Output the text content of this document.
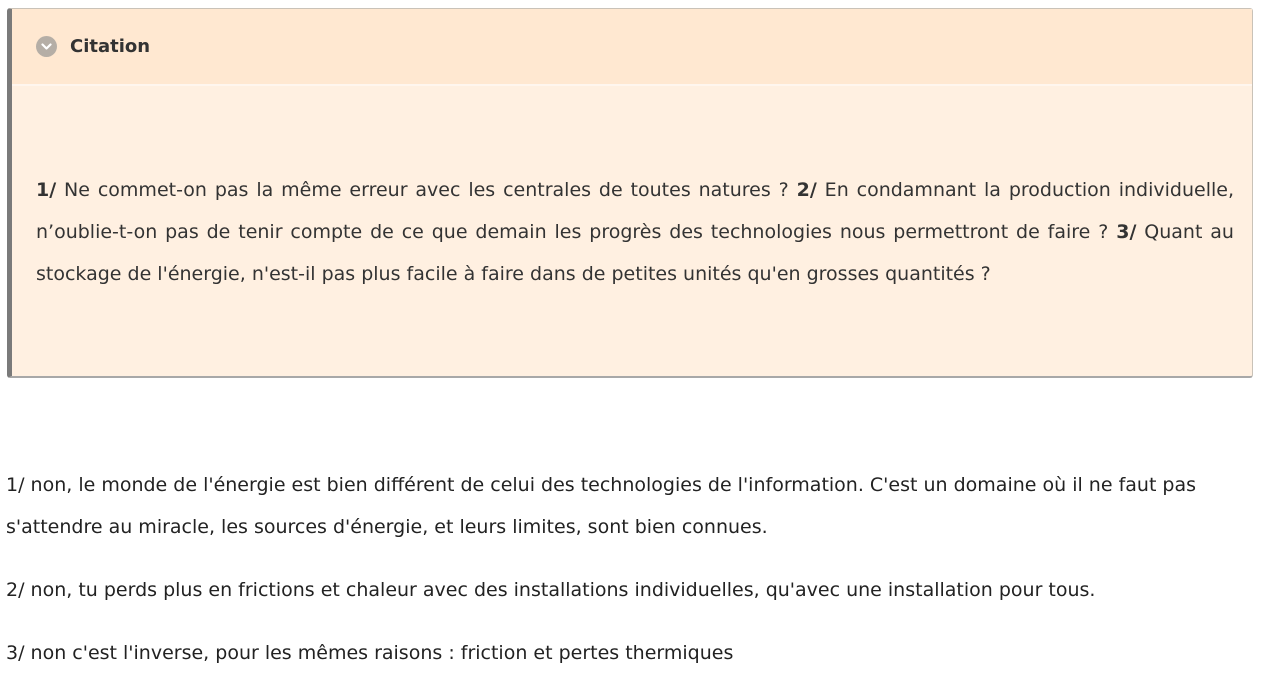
Citation
1/ Ne commet-on pas la même erreur avec les centrales de toutes natures ? 2/ En condamnant la production individuelle, n’oublie-t-on pas de tenir compte de ce que demain les progrès des technologies nous permettront de faire ? 3/ Quant au stockage de l'énergie, n'est-il pas plus facile à faire dans de petites unités qu'en grosses quantités ?
1/ non, le monde de l'énergie est bien différent de celui des technologies de l'information. C'est un domaine où il ne faut pas s'attendre au miracle, les sources d'énergie, et leurs limites, sont bien connues.
2/ non, tu perds plus en frictions et chaleur avec des installations individuelles, qu'avec une installation pour tous.
3/ non c'est l'inverse, pour les mêmes raisons : friction et pertes thermiques
